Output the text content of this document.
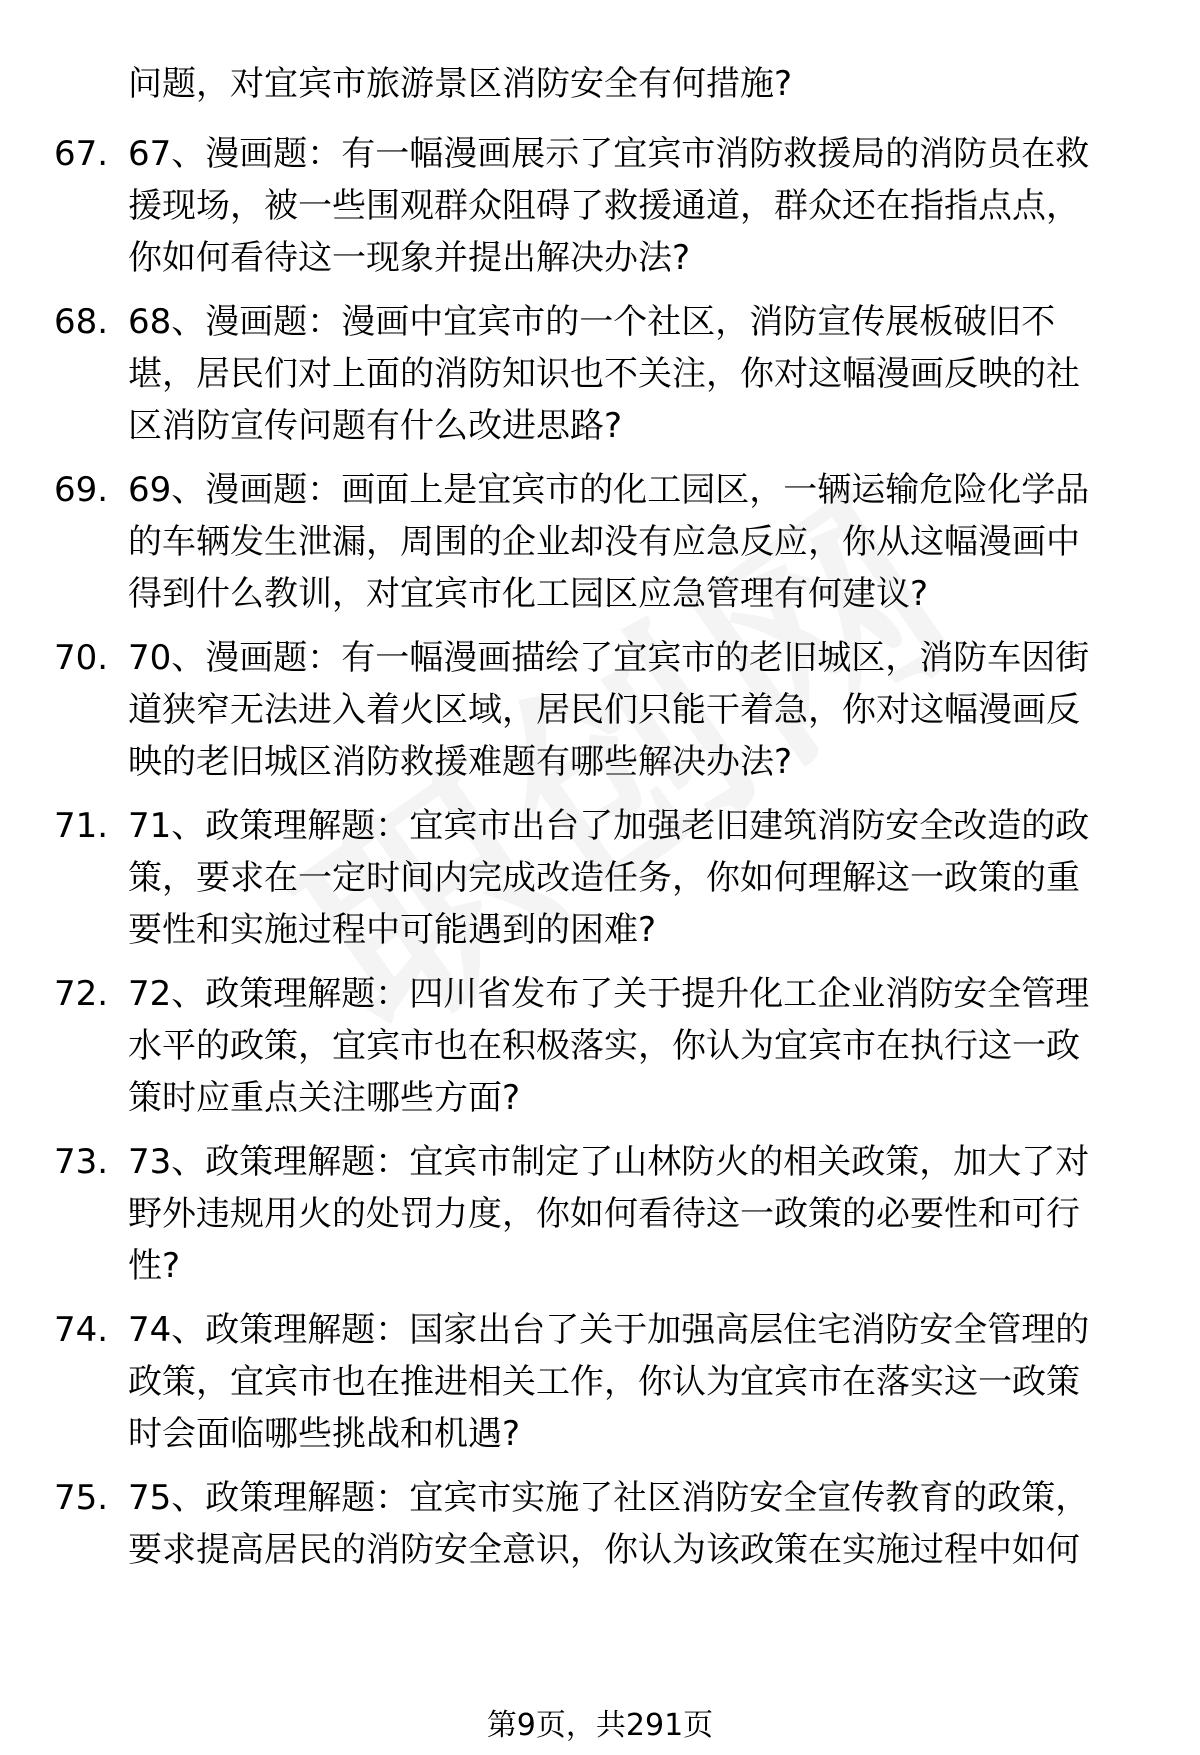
问题，对宜宾市旅游景区消防安全有何措施?
67. 67、漫画题：有一幅漫画展示了宜宾市消防救援局的消防员在救
援现场，被一些围观群众阻碍了救援通道，群众还在指指点点，
你如何看待这一现象并提出解决办法?
68. 68、漫画题：漫画中宜宾市的一个社区，消防宣传展板破旧不
堪，居民们对上面的消防知识也不关注，你对这幅漫画反映的社
区消防宣传问题有什么改进思路?
69. 69、漫画题：画面上是宜宾市的化工园区，一辆运输危险化学品
的车辆发生泄漏，周围的企业却没有应急反应，你从这幅漫画中
得到什么教训，对宜宾市化工园区应急管理有何建议?
70. 70、漫画题：有一幅漫画描绘了宜宾市的老旧城区，消防车因街
道狭窄无法进入着火区域，居民们只能干着急，你对这幅漫画反
映的老旧城区消防救援难题有哪些解决办法?
71. 71、政策理解题：宜宾市出台了加强老旧建筑消防安全改造的政
策，要求在一定时间内完成改造任务，你如何理解这一政策的重
要性和实施过程中可能遇到的困难?
72. 72、政策理解题：四川省发布了关于提升化工企业消防安全管理
水平的政策，宜宾市也在积极落实，你认为宜宾市在执行这一政
策时应重点关注哪些方面?
73. 73、政策理解题：宜宾市制定了山林防火的相关政策，加大了对
野外违规用火的处罚力度，你如何看待这一政策的必要性和可行
性?
74. 74、政策理解题：国家出台了关于加强高层住宅消防安全管理的
政策，宜宾市也在推进相关工作，你认为宜宾市在落实这一政策
时会面临哪些挑战和机遇?
75. 75、政策理解题：宜宾市实施了社区消防安全宣传教育的政策，
要求提高居民的消防安全意识，你认为该政策在实施过程中如何
第9页，共291页
